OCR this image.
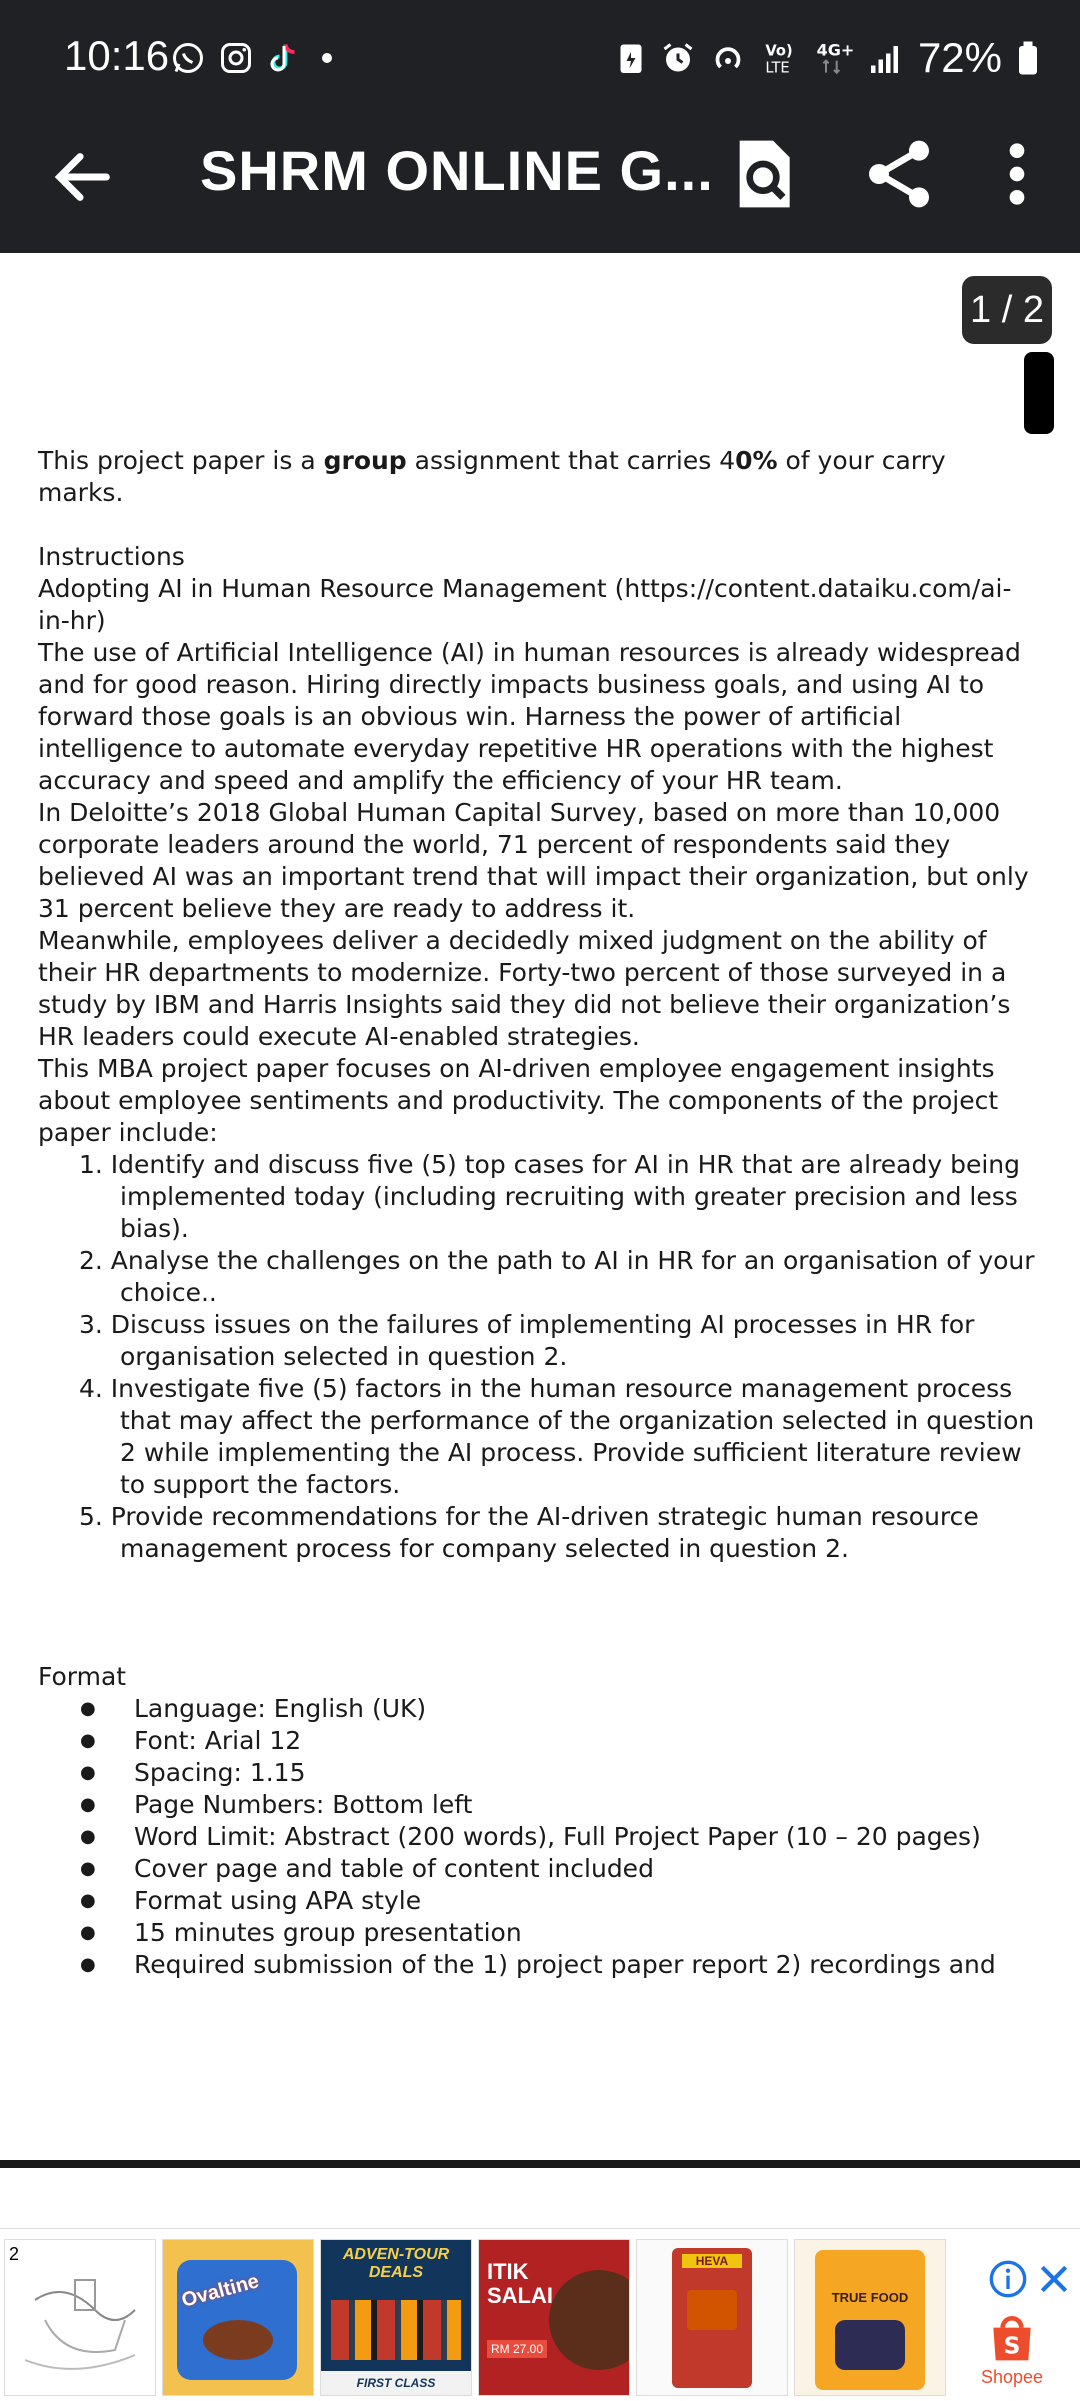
10:16	Vo)
LTE
4G+ 72%
SHRM ONLINE G...
1 / 2

This project paper is a group assignment that carries 40% of your carry marks.

Instructions

Adopting AI in Human Resource Management (https://content.dataiku.com/ai-in-hr)

The use of Artificial Intelligence (AI) in human resources is already widespread and for good reason. Hiring directly impacts business goals, and using AI to forward those goals is an obvious win. Harness the power of artificial intelligence to automate everyday repetitive HR operations with the highest accuracy and speed and amplify the efficiency of your HR team.

In Deloitte’s 2018 Global Human Capital Survey, based on more than 10,000 corporate leaders around the world, 71 percent of respondents said they believed AI was an important trend that will impact their organization, but only 31 percent believe they are ready to address it.

Meanwhile, employees deliver a decidedly mixed judgment on the ability of their HR departments to modernize. Forty-two percent of those surveyed in a study by IBM and Harris Insights said they did not believe their organization’s HR leaders could execute AI-enabled strategies.

This MBA project paper focuses on AI-driven employee engagement insights about employee sentiments and productivity. The components of the project paper include:

1. Identify and discuss five (5) top cases for AI in HR that are already being implemented today (including recruiting with greater precision and less bias).
2. Analyse the challenges on the path to AI in HR for an organisation of your choice..
3. Discuss issues on the failures of implementing AI processes in HR for organisation selected in question 2.
4. Investigate five (5) factors in the human resource management process that may affect the performance of the organization selected in question 2 while implementing the AI process. Provide sufficient literature review to support the factors.
5. Provide recommendations for the AI-driven strategic human resource management process for company selected in question 2.

Format

● Language: English (UK)
● Font: Arial 12
● Spacing: 1.15
● Page Numbers: Bottom left
● Word Limit: Abstract (200 words), Full Project Paper (10 – 20 pages)
● Cover page and table of content included
● Format using APA style
● 15 minutes group presentation
● Required submission of the 1) project paper report 2) recordings and
2
Ovaltine
ADVEN-TOUR DEALS
FIRST CLASS
ITIK SALAI
RM 27.00
HEVA
TRUE FOOD
S
Shopee
